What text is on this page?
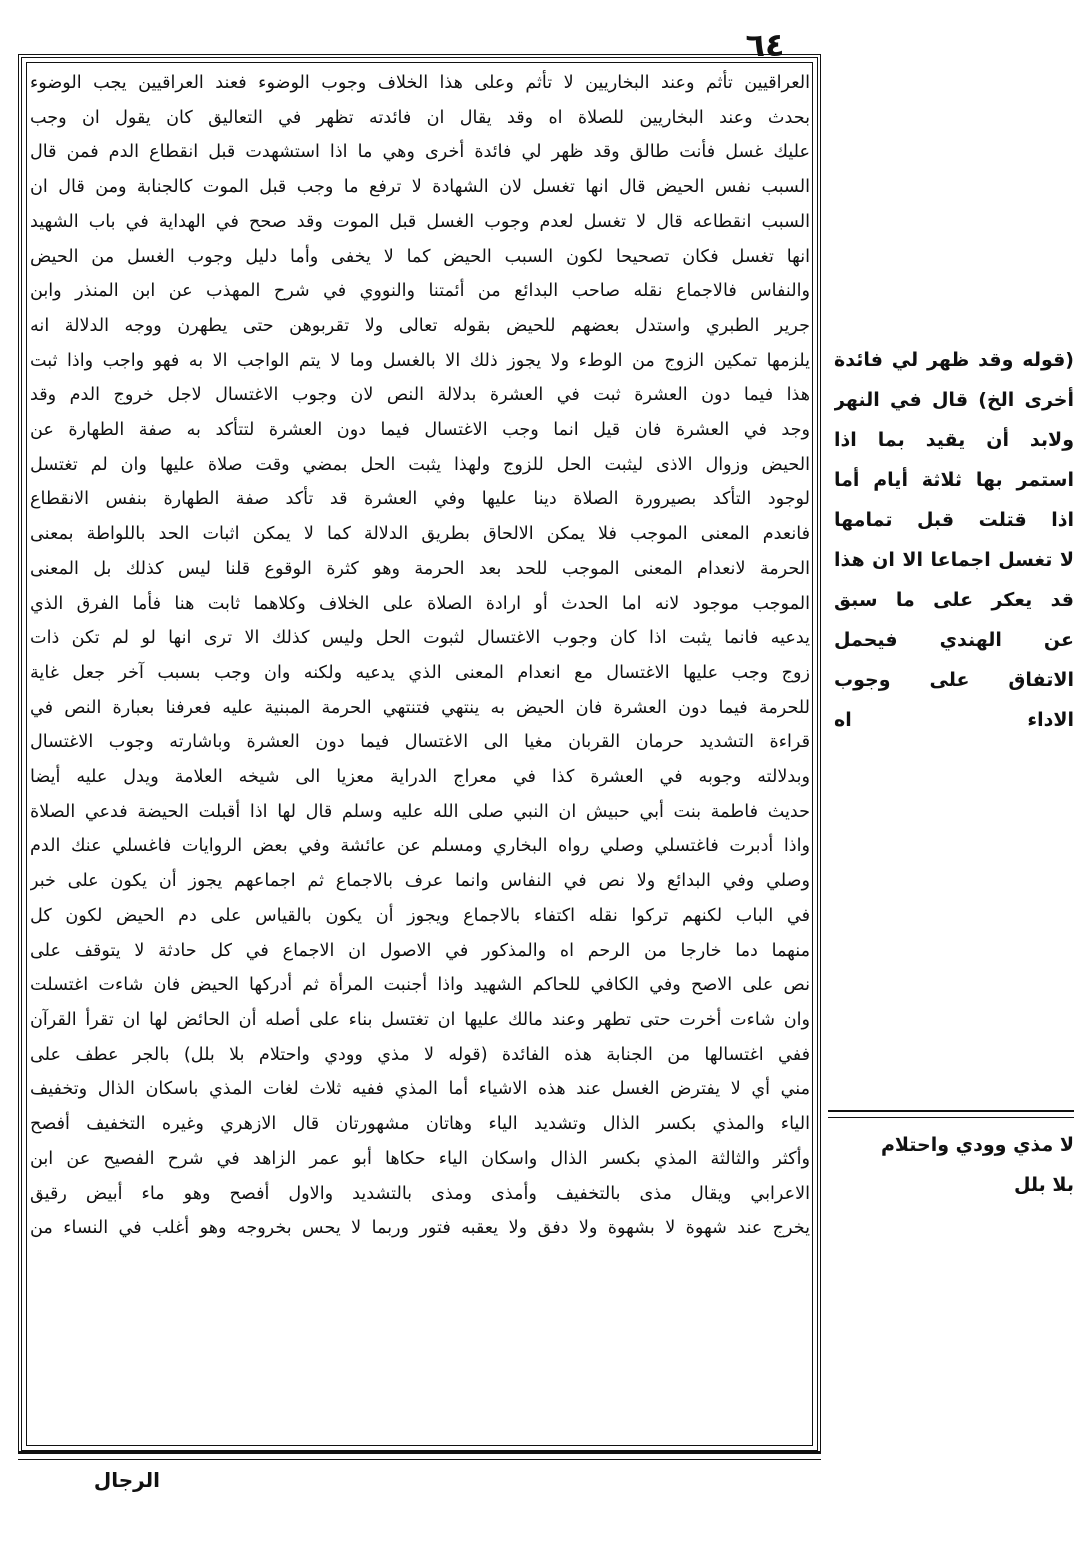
٦٤
العراقيين تأثم وعند البخاريين لا تأثم وعلى هذا الخلاف وجوب الوضوء فعند العراقيين يجب الوضوء
بحدث وعند البخاريين للصلاة اه وقد يقال ان فائدته تظهر في التعاليق كان يقول ان وجب
عليك غسل فأنت طالق وقد ظهر لي فائدة أخرى وهي ما اذا استشهدت قبل انقطاع الدم فمن قال
السبب نفس الحيض قال انها تغسل لان الشهادة لا ترفع ما وجب قبل الموت كالجنابة ومن قال ان
السبب انقطاعه قال لا تغسل لعدم وجوب الغسل قبل الموت وقد صحح في الهداية في باب الشهيد
انها تغسل فكان تصحيحا لكون السبب الحيض كما لا يخفى وأما دليل وجوب الغسل من الحيض
والنفاس فالاجماع نقله صاحب البدائع من أئمتنا والنووي في شرح المهذب عن ابن المنذر وابن
جرير الطبري واستدل بعضهم للحيض بقوله تعالى ولا تقربوهن حتى يطهرن ووجه الدلالة انه
يلزمها تمكين الزوج من الوطء ولا يجوز ذلك الا بالغسل وما لا يتم الواجب الا به فهو واجب واذا ثبت
هذا فيما دون العشرة ثبت في العشرة بدلالة النص لان وجوب الاغتسال لاجل خروج الدم وقد
وجد في العشرة فان قيل انما وجب الاغتسال فيما دون العشرة لتتأكد به صفة الطهارة عن
الحيض وزوال الاذى ليثبت الحل للزوج ولهذا يثبت الحل بمضي وقت صلاة عليها وان لم تغتسل
لوجود التأكد بصيرورة الصلاة دينا عليها وفي العشرة قد تأكد صفة الطهارة بنفس الانقطاع
فانعدم المعنى الموجب فلا يمكن الالحاق بطريق الدلالة كما لا يمكن اثبات الحد باللواطة بمعنى
الحرمة لانعدام المعنى الموجب للحد بعد الحرمة وهو كثرة الوقوع قلنا ليس كذلك بل المعنى
الموجب موجود لانه اما الحدث أو ارادة الصلاة على الخلاف وكلاهما ثابت هنا فأما الفرق الذي
يدعيه فانما يثبت اذا كان وجوب الاغتسال لثبوت الحل وليس كذلك الا ترى انها لو لم تكن ذات
زوج وجب عليها الاغتسال مع انعدام المعنى الذي يدعيه ولكنه وان وجب بسبب آخر جعل غاية
للحرمة فيما دون العشرة فان الحيض به ينتهي فتنتهي الحرمة المبنية عليه فعرفنا بعبارة النص في
قراءة التشديد حرمان القربان مغيا الى الاغتسال فيما دون العشرة وباشارته وجوب الاغتسال
وبدلالته وجوبه في العشرة كذا في معراج الدراية معزيا الى شيخه العلامة ويدل عليه أيضا
حديث فاطمة بنت أبي حبيش ان النبي صلى الله عليه وسلم قال لها اذا أقبلت الحيضة فدعي الصلاة
واذا أدبرت فاغتسلي وصلي رواه البخاري ومسلم عن عائشة وفي بعض الروايات فاغسلي عنك الدم
وصلي وفي البدائع ولا نص في النفاس وانما عرف بالاجماع ثم اجماعهم يجوز أن يكون على خبر
في الباب لكنهم تركوا نقله اكتفاء بالاجماع ويجوز أن يكون بالقياس على دم الحيض لكون كل
منهما دما خارجا من الرحم اه والمذكور في الاصول ان الاجماع في كل حادثة لا يتوقف على
نص على الاصح وفي الكافي للحاكم الشهيد واذا أجنبت المرأة ثم أدركها الحيض فان شاءت اغتسلت
وان شاءت أخرت حتى تطهر وعند مالك عليها ان تغتسل بناء على أصله أن الحائض لها ان تقرأ القرآن
ففي اغتسالها من الجنابة هذه الفائدة (قوله لا مذي وودي واحتلام بلا بلل) بالجر عطف على
مني أي لا يفترض الغسل عند هذه الاشياء أما المذي ففيه ثلاث لغات المذي باسكان الذال وتخفيف
الياء والمذي بكسر الذال وتشديد الياء وهاتان مشهورتان قال الازهري وغيره التخفيف أفصح
وأكثر والثالثة المذي بكسر الذال واسكان الياء حكاها أبو عمر الزاهد في شرح الفصيح عن ابن
الاعرابي ويقال مذى بالتخفيف وأمذى ومذى بالتشديد والاول أفصح وهو ماء أبيض رقيق
يخرج عند شهوة لا بشهوة ولا دفق ولا يعقبه فتور وربما لا يحس بخروجه وهو أغلب في النساء من
الرجال
(قوله وقد ظهر لي فائدة
أخرى الخ) قال في النهر
ولابد أن يقيد بما اذا
استمر بها ثلاثة أيام أما
اذا قتلت قبل تمامها
لا تغسل اجماعا الا ان هذا
قد يعكر على ما سبق
عن الهندي فيحمل
الاتفاق على وجوب
الاداء اه
لا مذي وودي واحتلام
بلا بلل
